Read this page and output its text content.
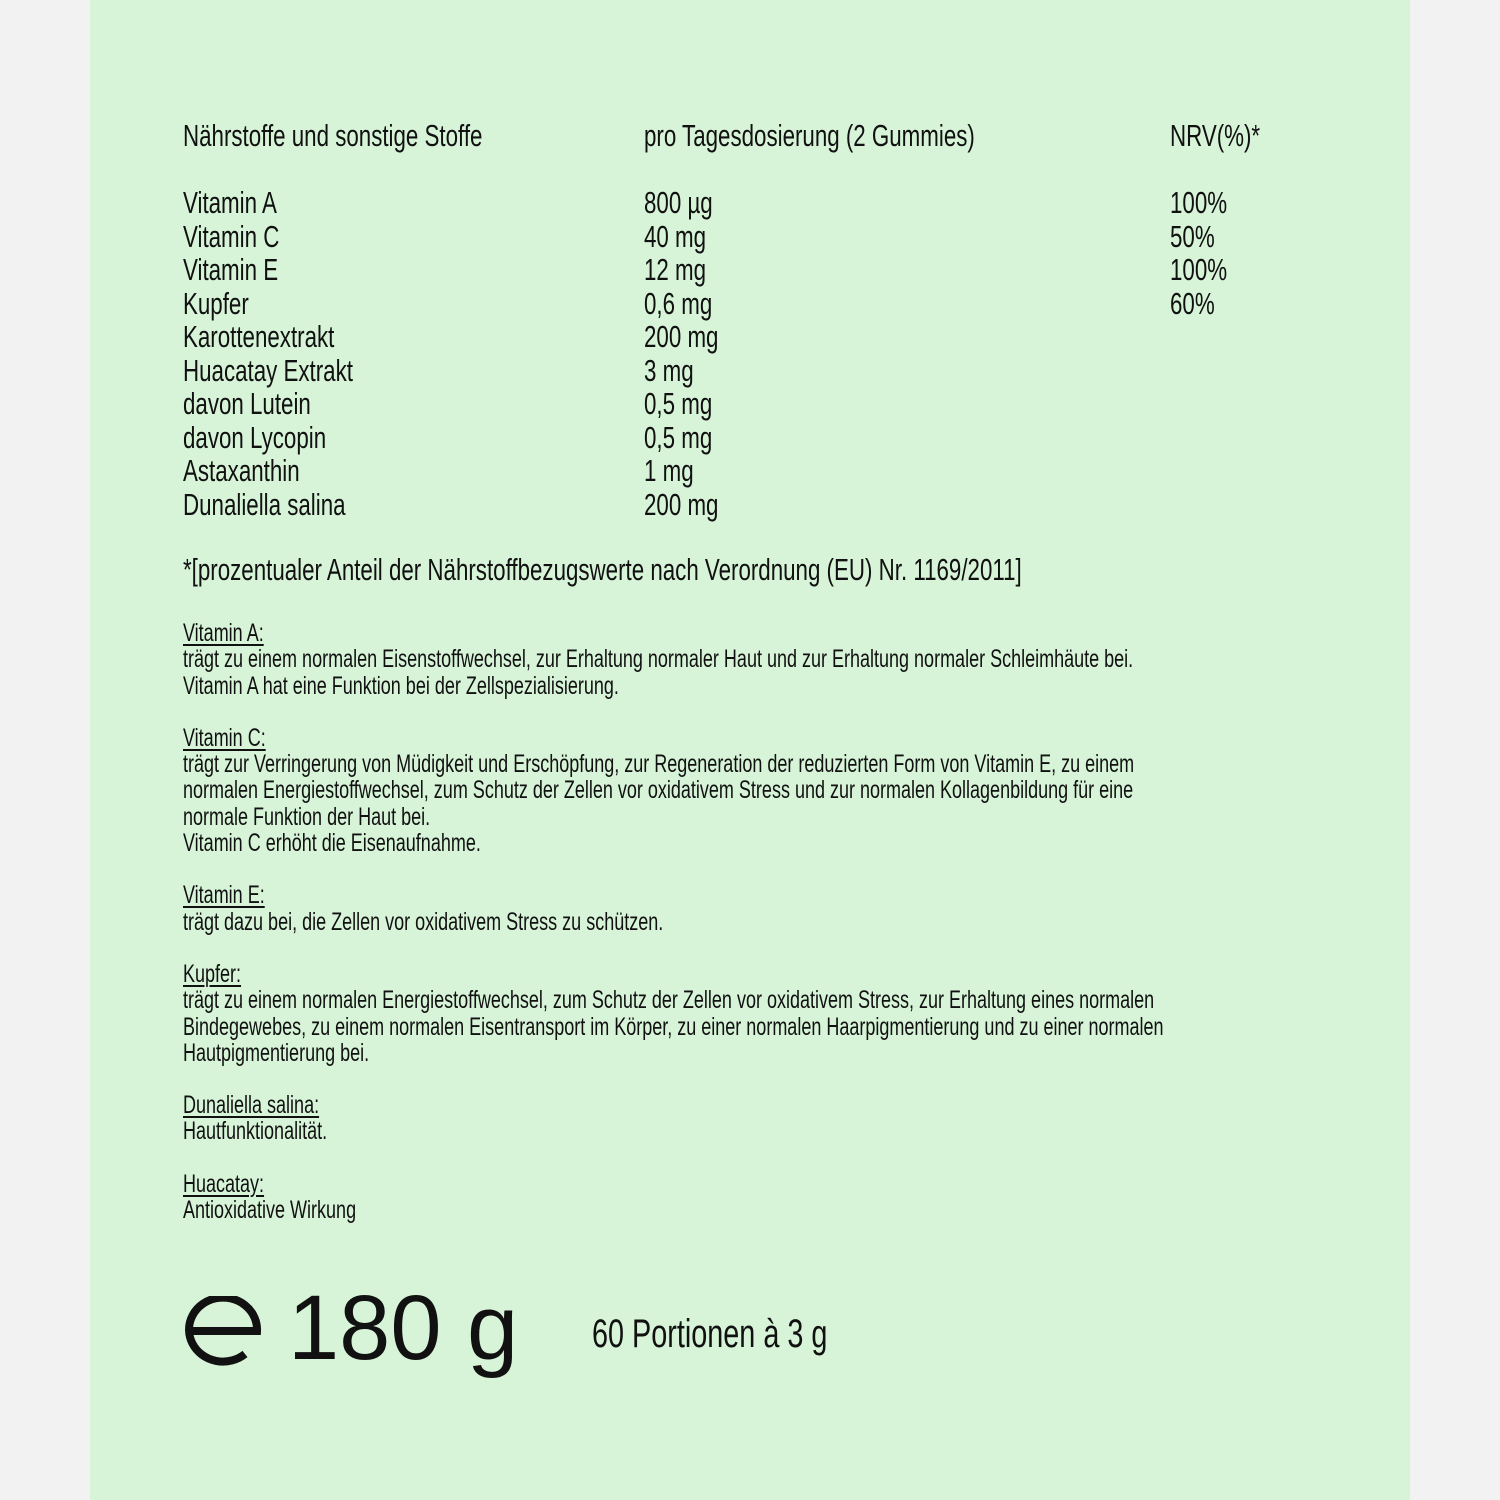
Nährstoffe und sonstige Stoffe	pro Tagesdosierung (2 Gummies)	NRV(%)*
Vitamin A	800 µg	100%
Vitamin C	40 mg	50%
Vitamin E	12 mg	100%
Kupfer	0,6 mg	60%
Karottenextrakt	200 mg
Huacatay Extrakt	3 mg
davon Lutein	0,5 mg
davon Lycopin	0,5 mg
Astaxanthin	1 mg
Dunaliella salina	200 mg
*[prozentualer Anteil der Nährstoffbezugswerte nach Verordnung (EU) Nr. 1169/2011]
Vitamin A:
trägt zu einem normalen Eisenstoffwechsel, zur Erhaltung normaler Haut und zur Erhaltung normaler Schleimhäute bei.
Vitamin A hat eine Funktion bei der Zellspezialisierung.
Vitamin C:
trägt zur Verringerung von Müdigkeit und Erschöpfung, zur Regeneration der reduzierten Form von Vitamin E, zu einem
normalen Energiestoffwechsel, zum Schutz der Zellen vor oxidativem Stress und zur normalen Kollagenbildung für eine
normale Funktion der Haut bei.
Vitamin C erhöht die Eisenaufnahme.
Vitamin E:
trägt dazu bei, die Zellen vor oxidativem Stress zu schützen.
Kupfer:
trägt zu einem normalen Energiestoffwechsel, zum Schutz der Zellen vor oxidativem Stress, zur Erhaltung eines normalen
Bindegewebes, zu einem normalen Eisentransport im Körper, zu einer normalen Haarpigmentierung und zu einer normalen
Hautpigmentierung bei.
Dunaliella salina:
Hautfunktionalität.
Huacatay:
Antioxidative Wirkung
180 g 60 Portionen à 3 g
